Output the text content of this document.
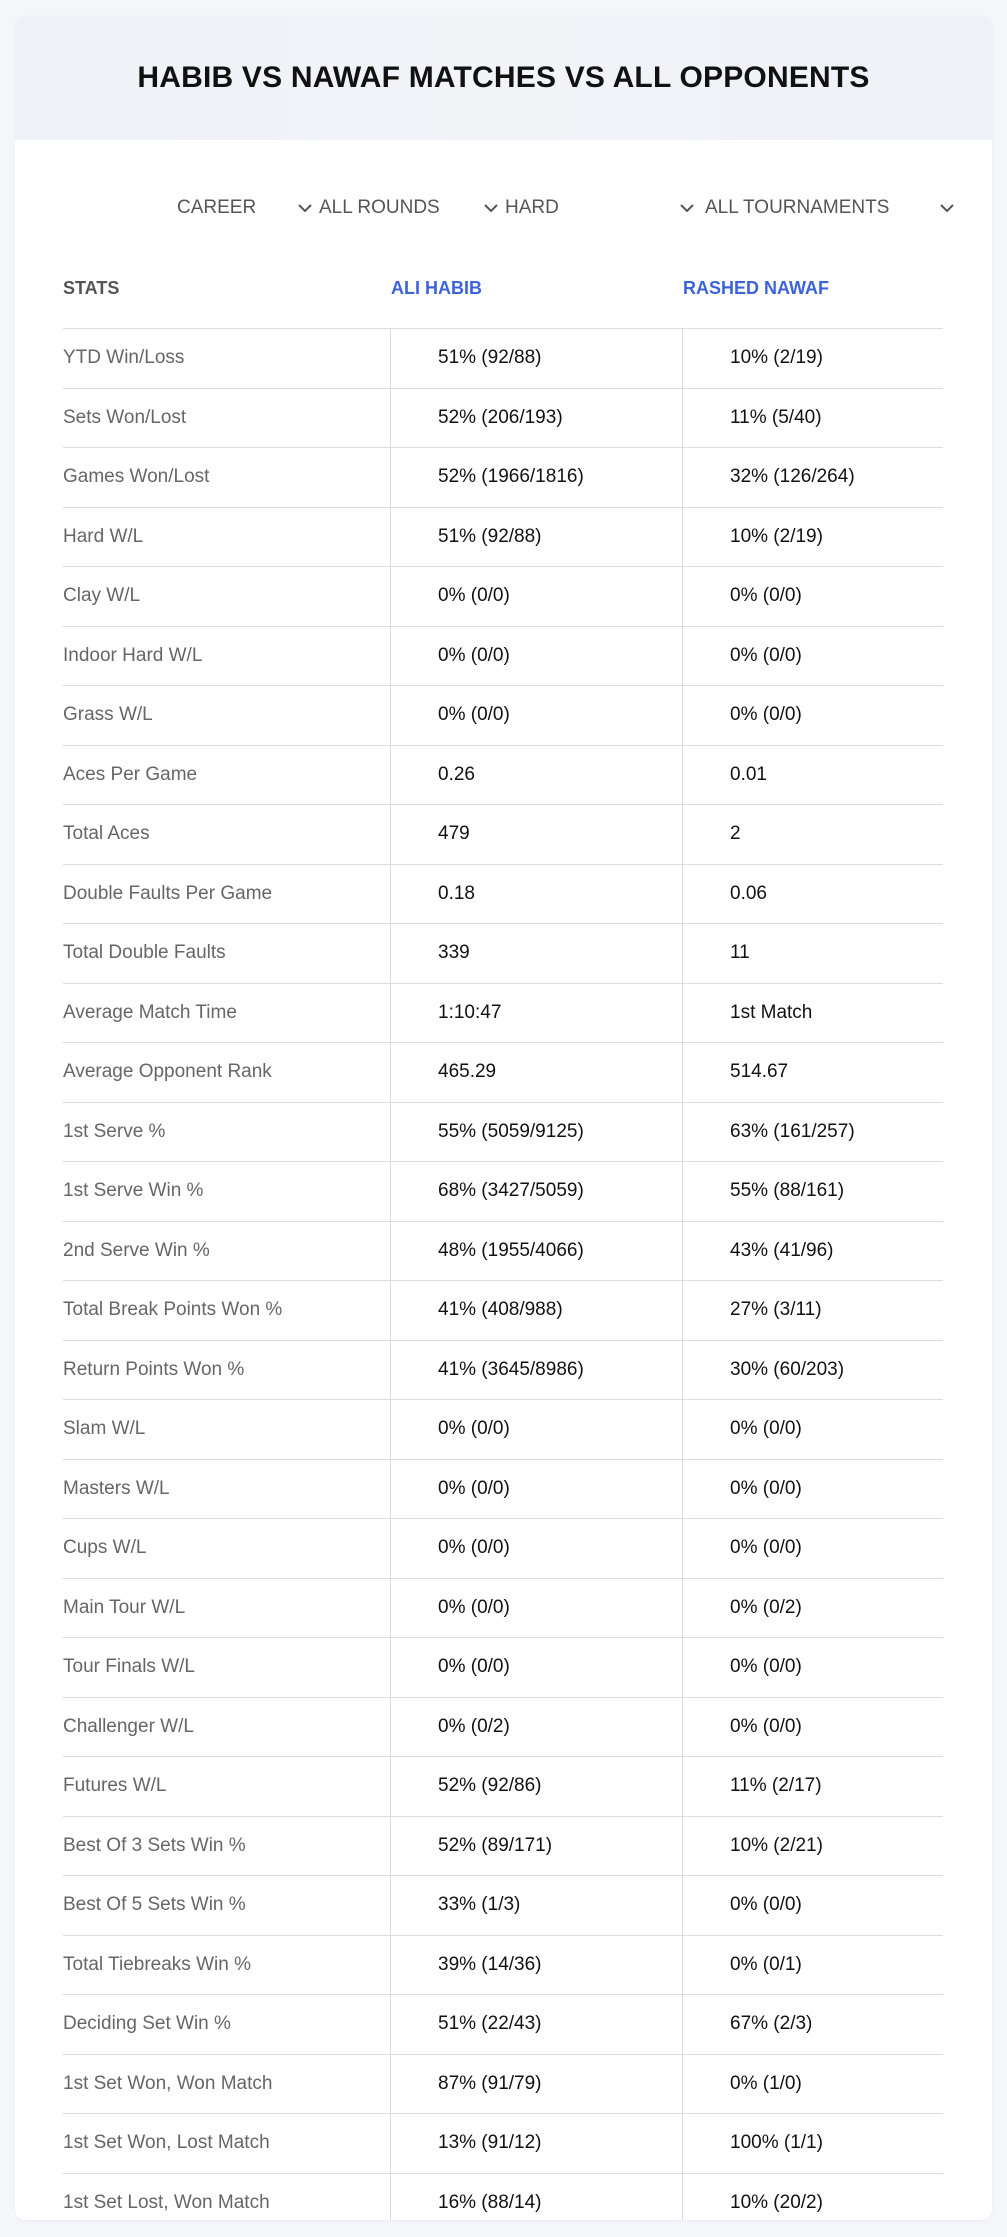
HABIB VS NAWAF MATCHES VS ALL OPPONENTS
CAREER	ALL ROUNDS	HARD	ALL TOURNAMENTS
STATS	ALI HABIB	RASHED NAWAF
YTD Win/Loss	51% (92/88)	10% (2/19)
Sets Won/Lost	52% (206/193)	11% (5/40)
Games Won/Lost	52% (1966/1816)	32% (126/264)
Hard W/L	51% (92/88)	10% (2/19)
Clay W/L	0% (0/0)	0% (0/0)
Indoor Hard W/L	0% (0/0)	0% (0/0)
Grass W/L	0% (0/0)	0% (0/0)
Aces Per Game	0.26	0.01
Total Aces	479	2
Double Faults Per Game	0.18	0.06
Total Double Faults	339	11
Average Match Time	1:10:47	1st Match
Average Opponent Rank	465.29	514.67
1st Serve %	55% (5059/9125)	63% (161/257)
1st Serve Win %	68% (3427/5059)	55% (88/161)
2nd Serve Win %	48% (1955/4066)	43% (41/96)
Total Break Points Won %	41% (408/988)	27% (3/11)
Return Points Won %	41% (3645/8986)	30% (60/203)
Slam W/L	0% (0/0)	0% (0/0)
Masters W/L	0% (0/0)	0% (0/0)
Cups W/L	0% (0/0)	0% (0/0)
Main Tour W/L	0% (0/0)	0% (0/2)
Tour Finals W/L	0% (0/0)	0% (0/0)
Challenger W/L	0% (0/2)	0% (0/0)
Futures W/L	52% (92/86)	11% (2/17)
Best Of 3 Sets Win %	52% (89/171)	10% (2/21)
Best Of 5 Sets Win %	33% (1/3)	0% (0/0)
Total Tiebreaks Win %	39% (14/36)	0% (0/1)
Deciding Set Win %	51% (22/43)	67% (2/3)
1st Set Won, Won Match	87% (91/79)	0% (1/0)
1st Set Won, Lost Match	13% (91/12)	100% (1/1)
1st Set Lost, Won Match	16% (88/14)	10% (20/2)
